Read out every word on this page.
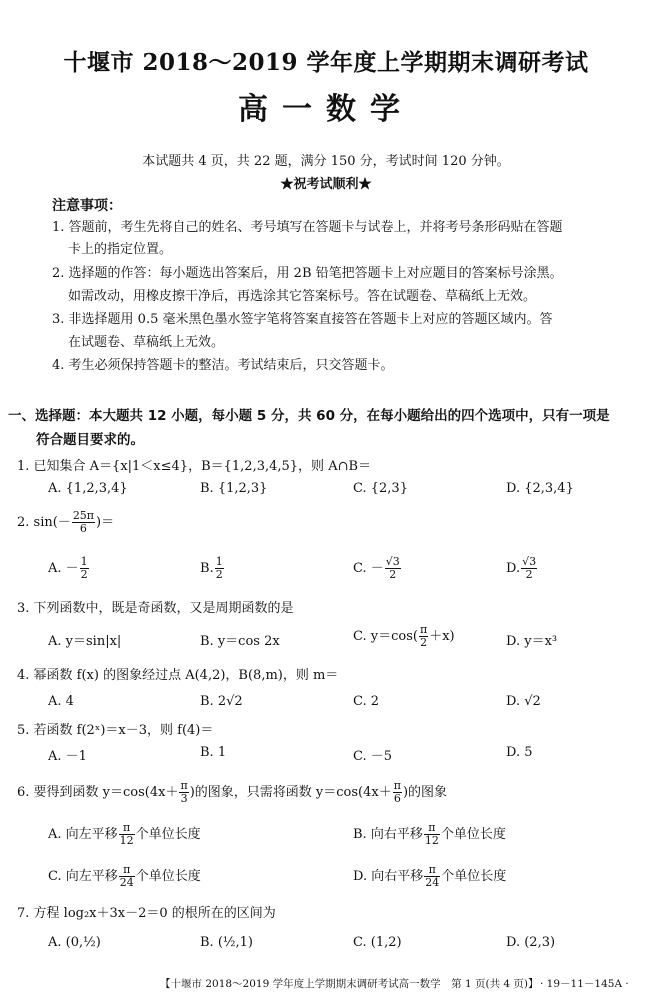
十堰市 2018～2019 学年度上学期期末调研考试
高一数学
本试题共 4 页，共 22 题，满分 150 分，考试时间 120 分钟。
★祝考试顺利★
注意事项：
1. 答题前，考生先将自己的姓名、考号填写在答题卡与试卷上，并将考号条形码贴在答题
卡上的指定位置。
2. 选择题的作答：每小题选出答案后，用 2B 铅笔把答题卡上对应题目的答案标号涂黑。
如需改动，用橡皮擦干净后，再选涂其它答案标号。答在试题卷、草稿纸上无效。
3. 非选择题用 0.5 毫米黑色墨水签字笔将答案直接答在答题卡上对应的答题区域内。答
在试题卷、草稿纸上无效。
4. 考生必须保持答题卡的整洁。考试结束后，只交答题卡。
一、选择题：本大题共 12 小题，每小题 5 分，共 60 分，在每小题给出的四个选项中，只有一项是
符合题目要求的。
1. 已知集合 A＝{x|1＜x≤4}，B＝{1,2,3,4,5}，则 A∩B＝
A. {1,2,3,4}	B. {1,2,3}	C. {2,3}	D. {2,3,4}
2. $\sin(- \frac{25\pi}{6}$ )＝
A. － $\frac{1}{2}$	B. $\frac{1}{2}$	C. － $\frac{√3}{2}$	D. $\frac{√3}{2}$
3. 下列函数中，既是奇函数，又是周期函数的是
A. y＝sin|x|	B. y＝cos 2x	C. $y=\cos( \frac{\pi}{2} +x)$	D. y＝x³
4. 幂函数 f(x) 的图象经过点 A(4,2)，B(8,m)，则 m＝
A. 4	B. 2√2	C. 2	D. √2
5. 若函数 f(2ˣ)＝x－3，则 f(4)＝
A. －1	B. 1	C. －5	D. 5
6. 要得到函数 $y=\cos(4x+ \frac{\pi}{3}$ )的图象，只需将函数 $y=\cos(4x+ \frac{\pi}{6}$ )的图象
A. 向左平移 $\frac{\pi}{12}$ 个单位长度	B. 向右平移 $\frac{\pi}{12}$ 个单位长度
C. 向左平移 $\frac{\pi}{24}$ 个单位长度	D. 向右平移 $\frac{\pi}{24}$ 个单位长度
7. 方程 log₂x＋3x－2＝0 的根所在的区间为
A. (0,½)	B. (½,1)	C. (1,2)	D. (2,3)
【十堰市 2018～2019 学年度上学期期末调研考试高一数学　第 1 页(共 4 页)】 · 19－11－145A ·
